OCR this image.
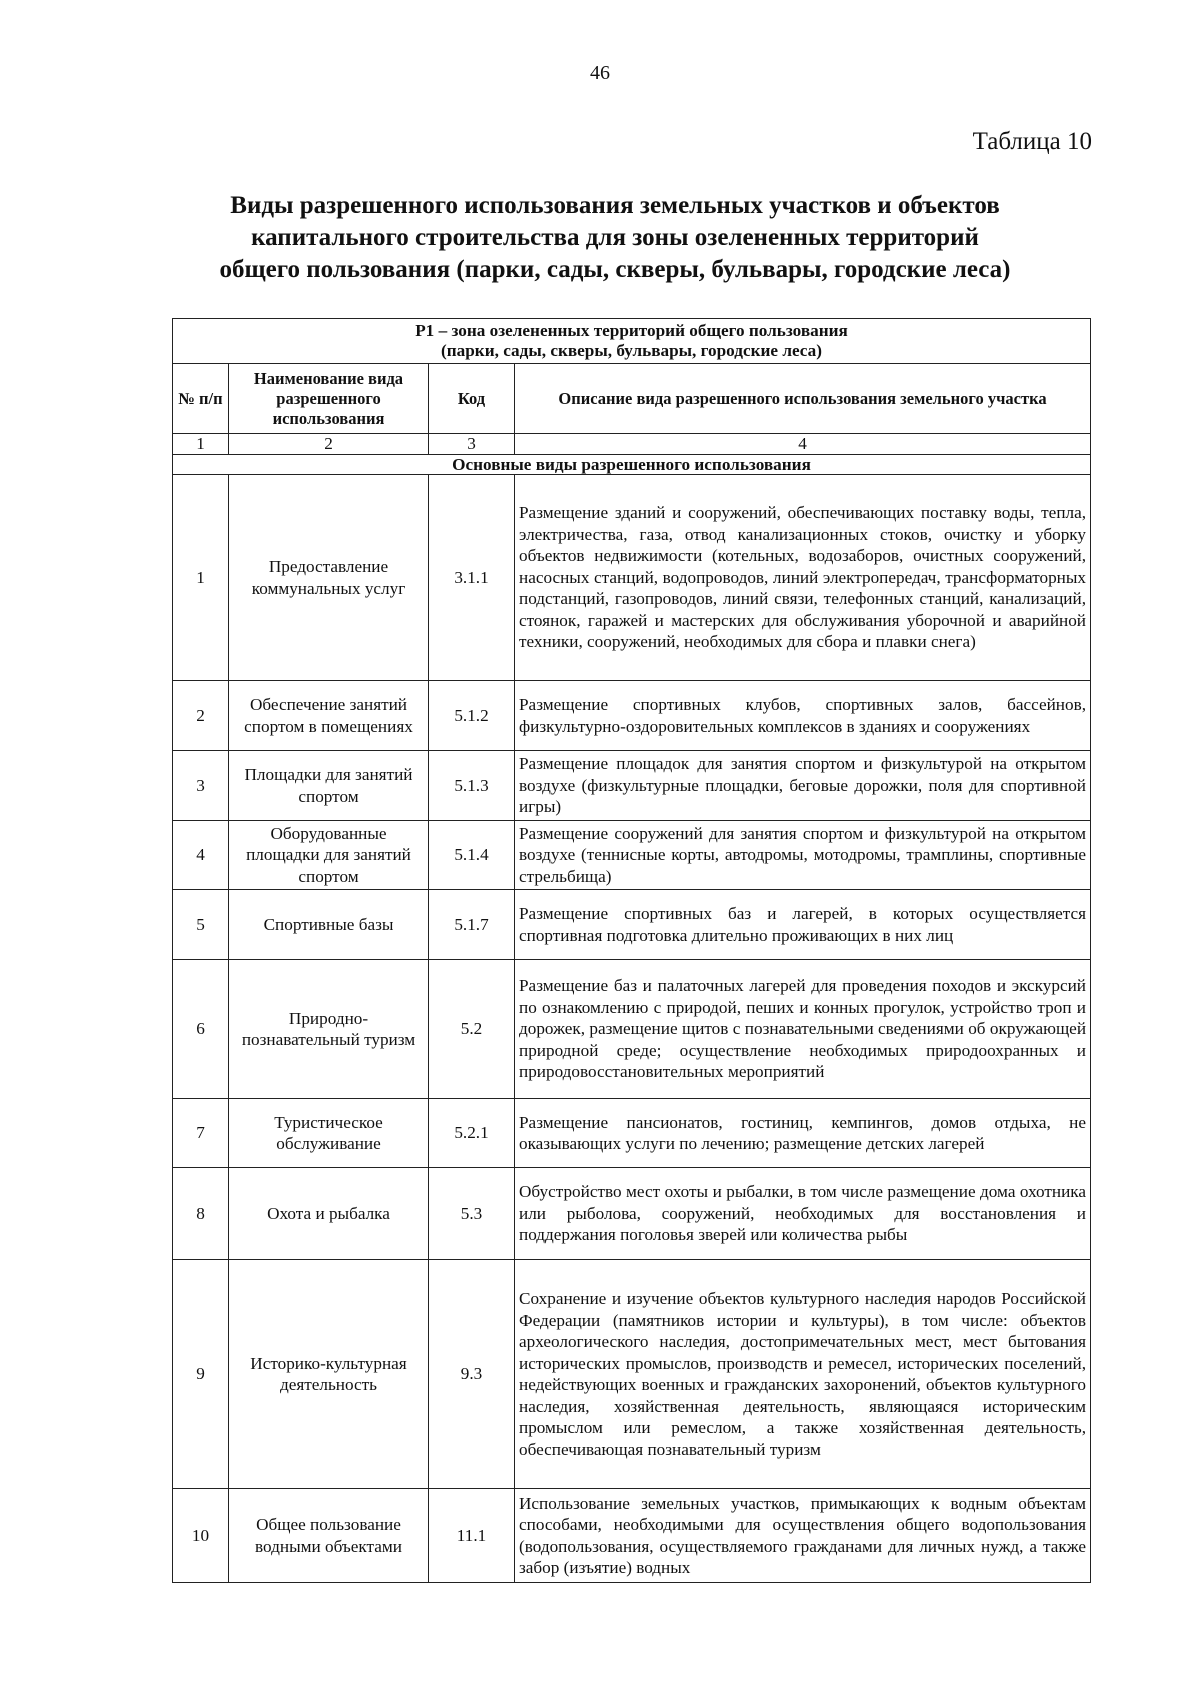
46
Таблица 10
Виды разрешенного использования земельных участков и объектов
капитального строительства для зоны озелененных территорий
общего пользования (парки, сады, скверы, бульвары, городские леса)
Р1 – зона озелененных территорий общего пользования
(парки, сады, скверы, бульвары, городские леса)			

№ п/п	Наименование вида разрешенного использования	Код	Описание вида разрешенного использования земельного участка
1	2	3	4
Основные виды разрешенного использования			
1	Предоставление коммунальных услуг	3.1.1	Размещение зданий и сооружений, обеспечивающих поставку воды, тепла, электричества, газа, отвод канализационных стоков, очистку и уборку объектов недвижимости (котельных, водозаборов, очистных сооружений, насосных станций, водопроводов, линий электропередач, трансформаторных подстанций, газопроводов, линий связи, телефонных станций, канализаций, стоянок, гаражей и мастерских для обслуживания уборочной и аварийной техники, сооружений, необходимых для сбора и плавки снега)
2	Обеспечение занятий спортом в помещениях	5.1.2	Размещение спортивных клубов, спортивных залов, бассейнов, физкультурно-оздоровительных комплексов в зданиях и сооружениях
3	Площадки для занятий спортом	5.1.3	Размещение площадок для занятия спортом и физкультурой на открытом воздухе (физкультурные площадки, беговые дорожки, поля для спортивной игры)
4	Оборудованные площадки для занятий спортом	5.1.4	Размещение сооружений для занятия спортом и физкультурой на открытом воздухе (теннисные корты, автодромы, мотодромы, трамплины, спортивные стрельбища)
5	Спортивные базы	5.1.7	Размещение спортивных баз и лагерей, в которых осуществляется спортивная подготовка длительно проживающих в них лиц
6	Природно-познавательный туризм	5.2	Размещение баз и палаточных лагерей для проведения походов и экскурсий по ознакомлению с природой, пеших и конных прогулок, устройство троп и дорожек, размещение щитов с познавательными сведениями об окружающей природной среде; осуществление необходимых природоохранных и природовосстановительных мероприятий
7	Туристическое обслуживание	5.2.1	Размещение пансионатов, гостиниц, кемпингов, домов отдыха, не оказывающих услуги по лечению; размещение детских лагерей
8	Охота и рыбалка	5.3	Обустройство мест охоты и рыбалки, в том числе размещение дома охотника или рыболова, сооружений, необходимых для восстановления и поддержания поголовья зверей или количества рыбы
9	Историко-культурная деятельность	9.3	Сохранение и изучение объектов культурного наследия народов Российской Федерации (памятников истории и культуры), в том числе: объектов археологического наследия, достопримечательных мест, мест бытования исторических промыслов, производств и ремесел, исторических поселений, недействующих военных и гражданских захоронений, объектов культурного наследия, хозяйственная деятельность, являющаяся историческим промыслом или ремеслом, а также хозяйственная деятельность, обеспечивающая познавательный туризм
10	Общее пользование водными объектами	11.1	Использование земельных участков, примыкающих к водным объектам способами, необходимыми для осуществления общего водопользования (водопользования, осуществляемого гражданами для личных нужд, а также забор (изъятие) водных
